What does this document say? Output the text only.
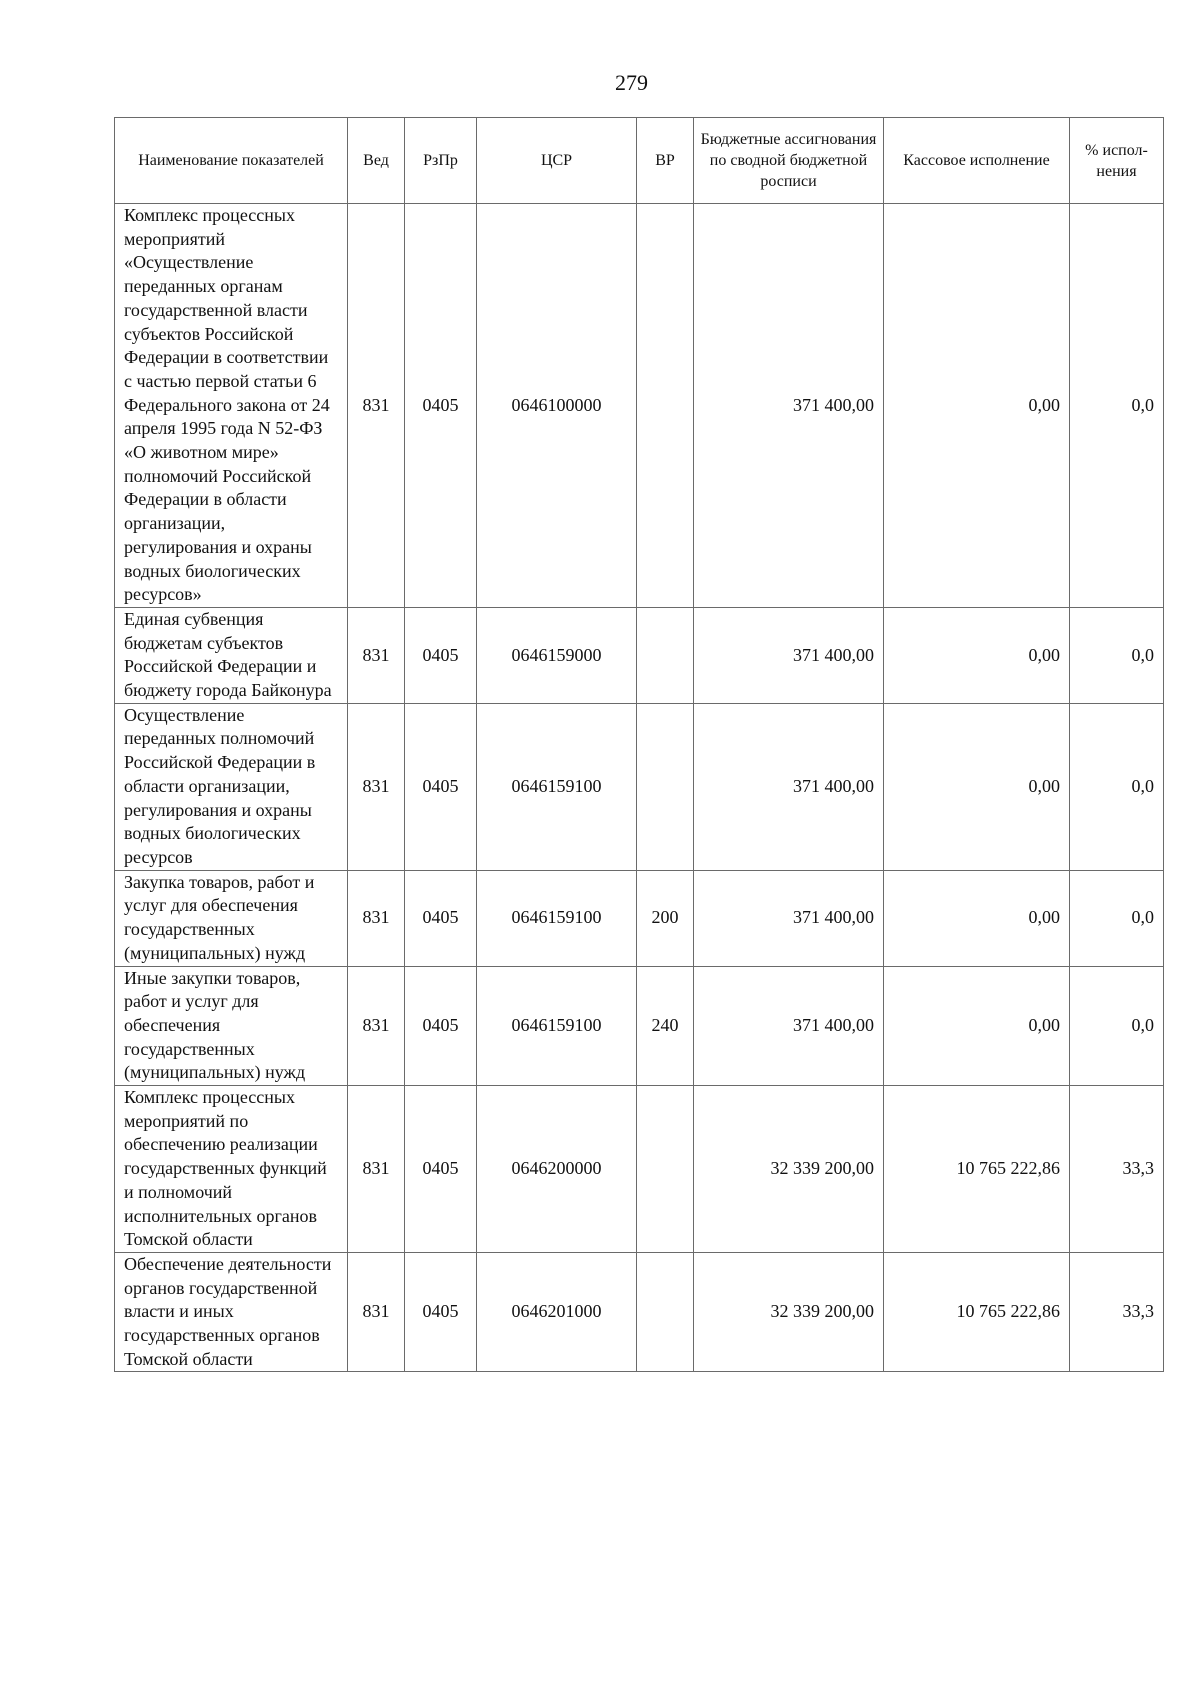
279
Наименование показателей	Вед	РзПр	ЦСР	ВР	Бюджетные ассигнования по сводной бюджетной росписи	Кассовое исполнение	% испол-нения
Комплекс процессных мероприятий «Осуществление переданных органам государственной власти субъектов Российской Федерации в соответствии с частью первой статьи 6 Федерального закона от 24 апреля 1995 года N 52-ФЗ «О животном мире» полномочий Российской Федерации в области организации, регулирования и охраны водных биологических ресурсов»	831	0405	0646100000		371 400,00	0,00	0,0
Единая субвенция бюджетам субъектов Российской Федерации и бюджету города Байконура	831	0405	0646159000		371 400,00	0,00	0,0
Осуществление переданных полномочий Российской Федерации в области организации, регулирования и охраны водных биологических ресурсов	831	0405	0646159100		371 400,00	0,00	0,0
Закупка товаров, работ и услуг для обеспечения государственных (муниципальных) нужд	831	0405	0646159100	200	371 400,00	0,00	0,0
Иные закупки товаров, работ и услуг для обеспечения государственных (муниципальных) нужд	831	0405	0646159100	240	371 400,00	0,00	0,0
Комплекс процессных мероприятий по обеспечению реализации государственных функций и полномочий исполнительных органов Томской области	831	0405	0646200000		32 339 200,00	10 765 222,86	33,3
Обеспечение деятельности органов государственной власти и иных государственных органов Томской области	831	0405	0646201000		32 339 200,00	10 765 222,86	33,3
